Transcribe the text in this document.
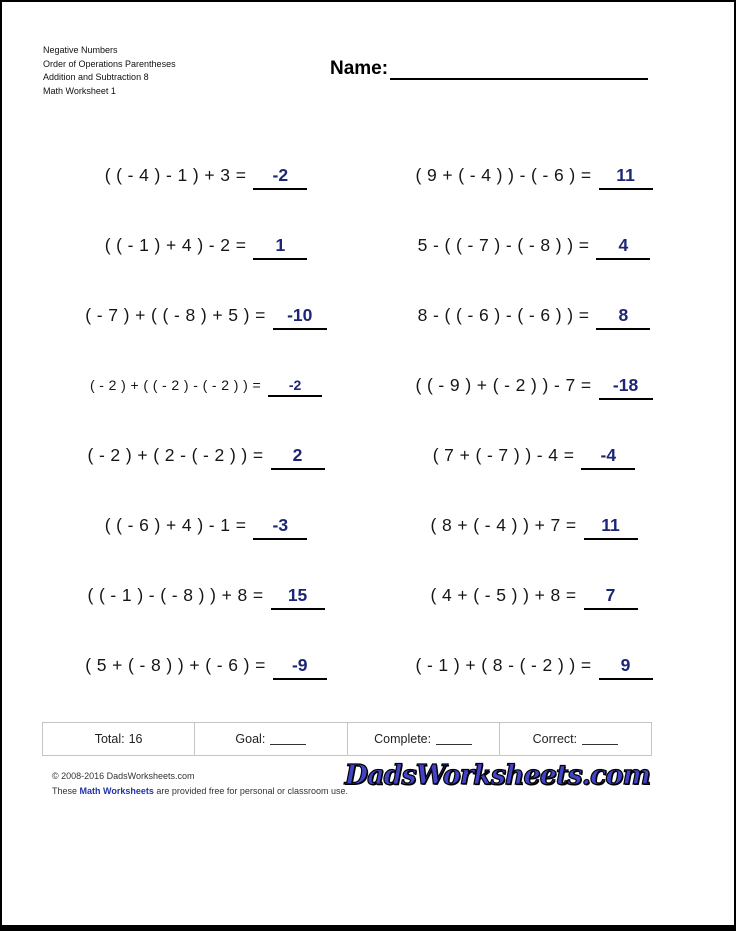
Negative Numbers
Order of Operations Parentheses
Addition and Subtraction 8
Math Worksheet 1
Name:
( ( - 4 ) - 1 ) + 3 =	-2	( 9 + ( - 4 ) ) - ( - 6 ) =	11
( ( - 1 ) + 4 ) - 2 =	1	5 - ( ( - 7 ) - ( - 8 ) ) =	4
( - 7 ) + ( ( - 8 ) + 5 ) =	-10	8 - ( ( - 6 ) - ( - 6 ) ) =	8
( - 2 ) + ( ( - 2 ) - ( - 2 ) ) =	-2	( ( - 9 ) + ( - 2 ) ) - 7 =	-18
( - 2 ) + ( 2 - ( - 2 ) ) =	2	( 7 + ( - 7 ) ) - 4 =	-4
( ( - 6 ) + 4 ) - 1 =	-3	( 8 + ( - 4 ) ) + 7 =	11
( ( - 1 ) - ( - 8 ) ) + 8 =	15	( 4 + ( - 5 ) ) + 8 =	7
( 5 + ( - 8 ) ) + ( - 6 ) =	-9	( - 1 ) + ( 8 - ( - 2 ) ) =	9
Total: 16	Goal:	Complete:	Correct:
© 2008-2016 DadsWorksheets.com
These Math Worksheets are provided free for personal or classroom use.
DadsWorksheets.com
